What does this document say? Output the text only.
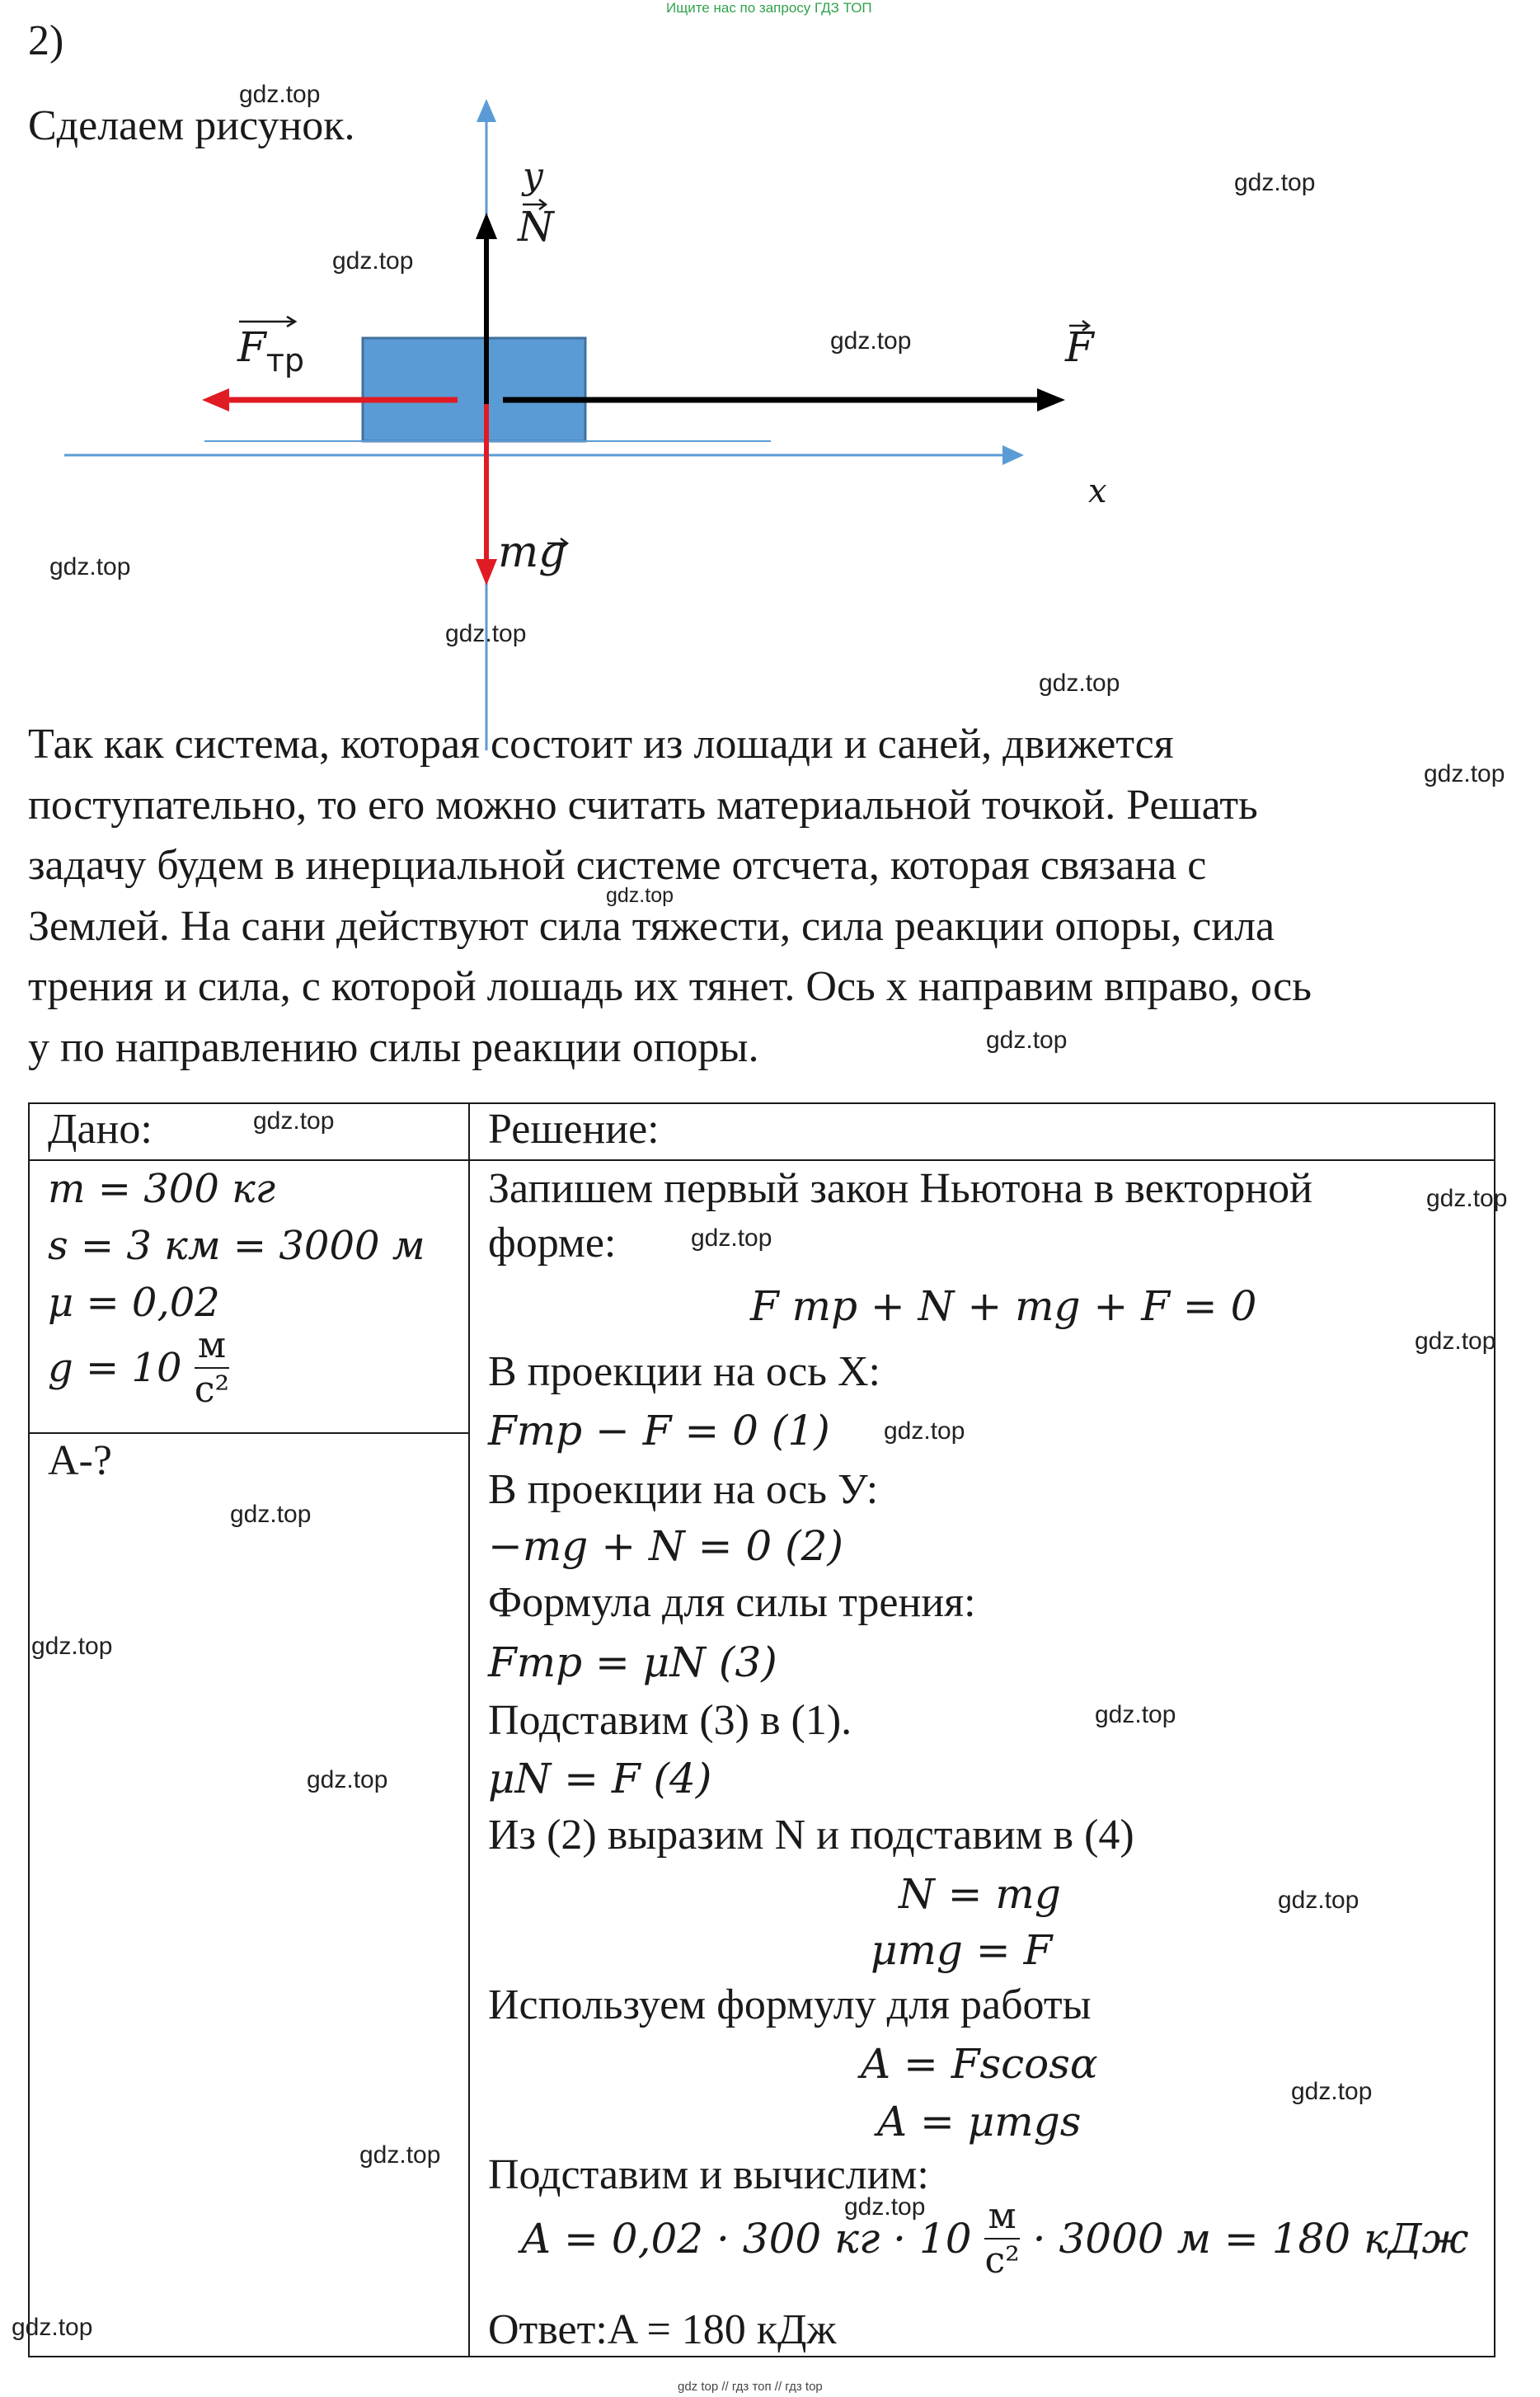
Ищите нас по запросу ГДЗ ТОП
2)
Сделаем рисунок.
y
N
$F_{тр}$	F
x
mg
Так как система, которая состоит из лошади и саней, движется
поступательно, то его можно считать материальной точкой. Решать
задачу будем в инерциальной системе отсчета, которая связана с
Землей. На сани действуют сила тяжести, сила реакции опоры, сила
трения и сила, с которой лошадь их тянет. Ось x направим вправо, ось
y по направлению силы реакции опоры.
Дано:	Решение:
m = 300 кг
s = 3 км = 3000 м
μ = 0,02
$g = 10 \frac{м}{\text{с²}}$
A-?
Запишем первый закон Ньютона в векторной
форме:
F тр + N + mg + F = 0
В проекции на ось X:
Fтр − F = 0 (1)
В проекции на ось У:
−mg + N = 0 (2)
Формула для силы трения:
Fтр = μN (3)
Подставим (3) в (1).
μN = F (4)
Из (2) выразим N и подставим в (4)
N = mg
μmg = F
Используем формулу для работы
A = Fscosα
A = μmgs
Подставим и вычислим:
A = 0,02 · 300 кг · $10 \frac{м}{\text{с²}} \cdot 3000$ м = 180 кДж
Ответ:A = 180 кДж
gdz.top
gdz.top
gdz.top
gdz.top
gdz.top
gdz.top
gdz.top
gdz.top
gdz.top
gdz.top
gdz.top
gdz.top
gdz.top
gdz.top
gdz.top
gdz.top
gdz.top
gdz.top
gdz.top
gdz.top
gdz.top
gdz.top
gdz.top
gdz.top
gdz top // гдз топ // гдз top
